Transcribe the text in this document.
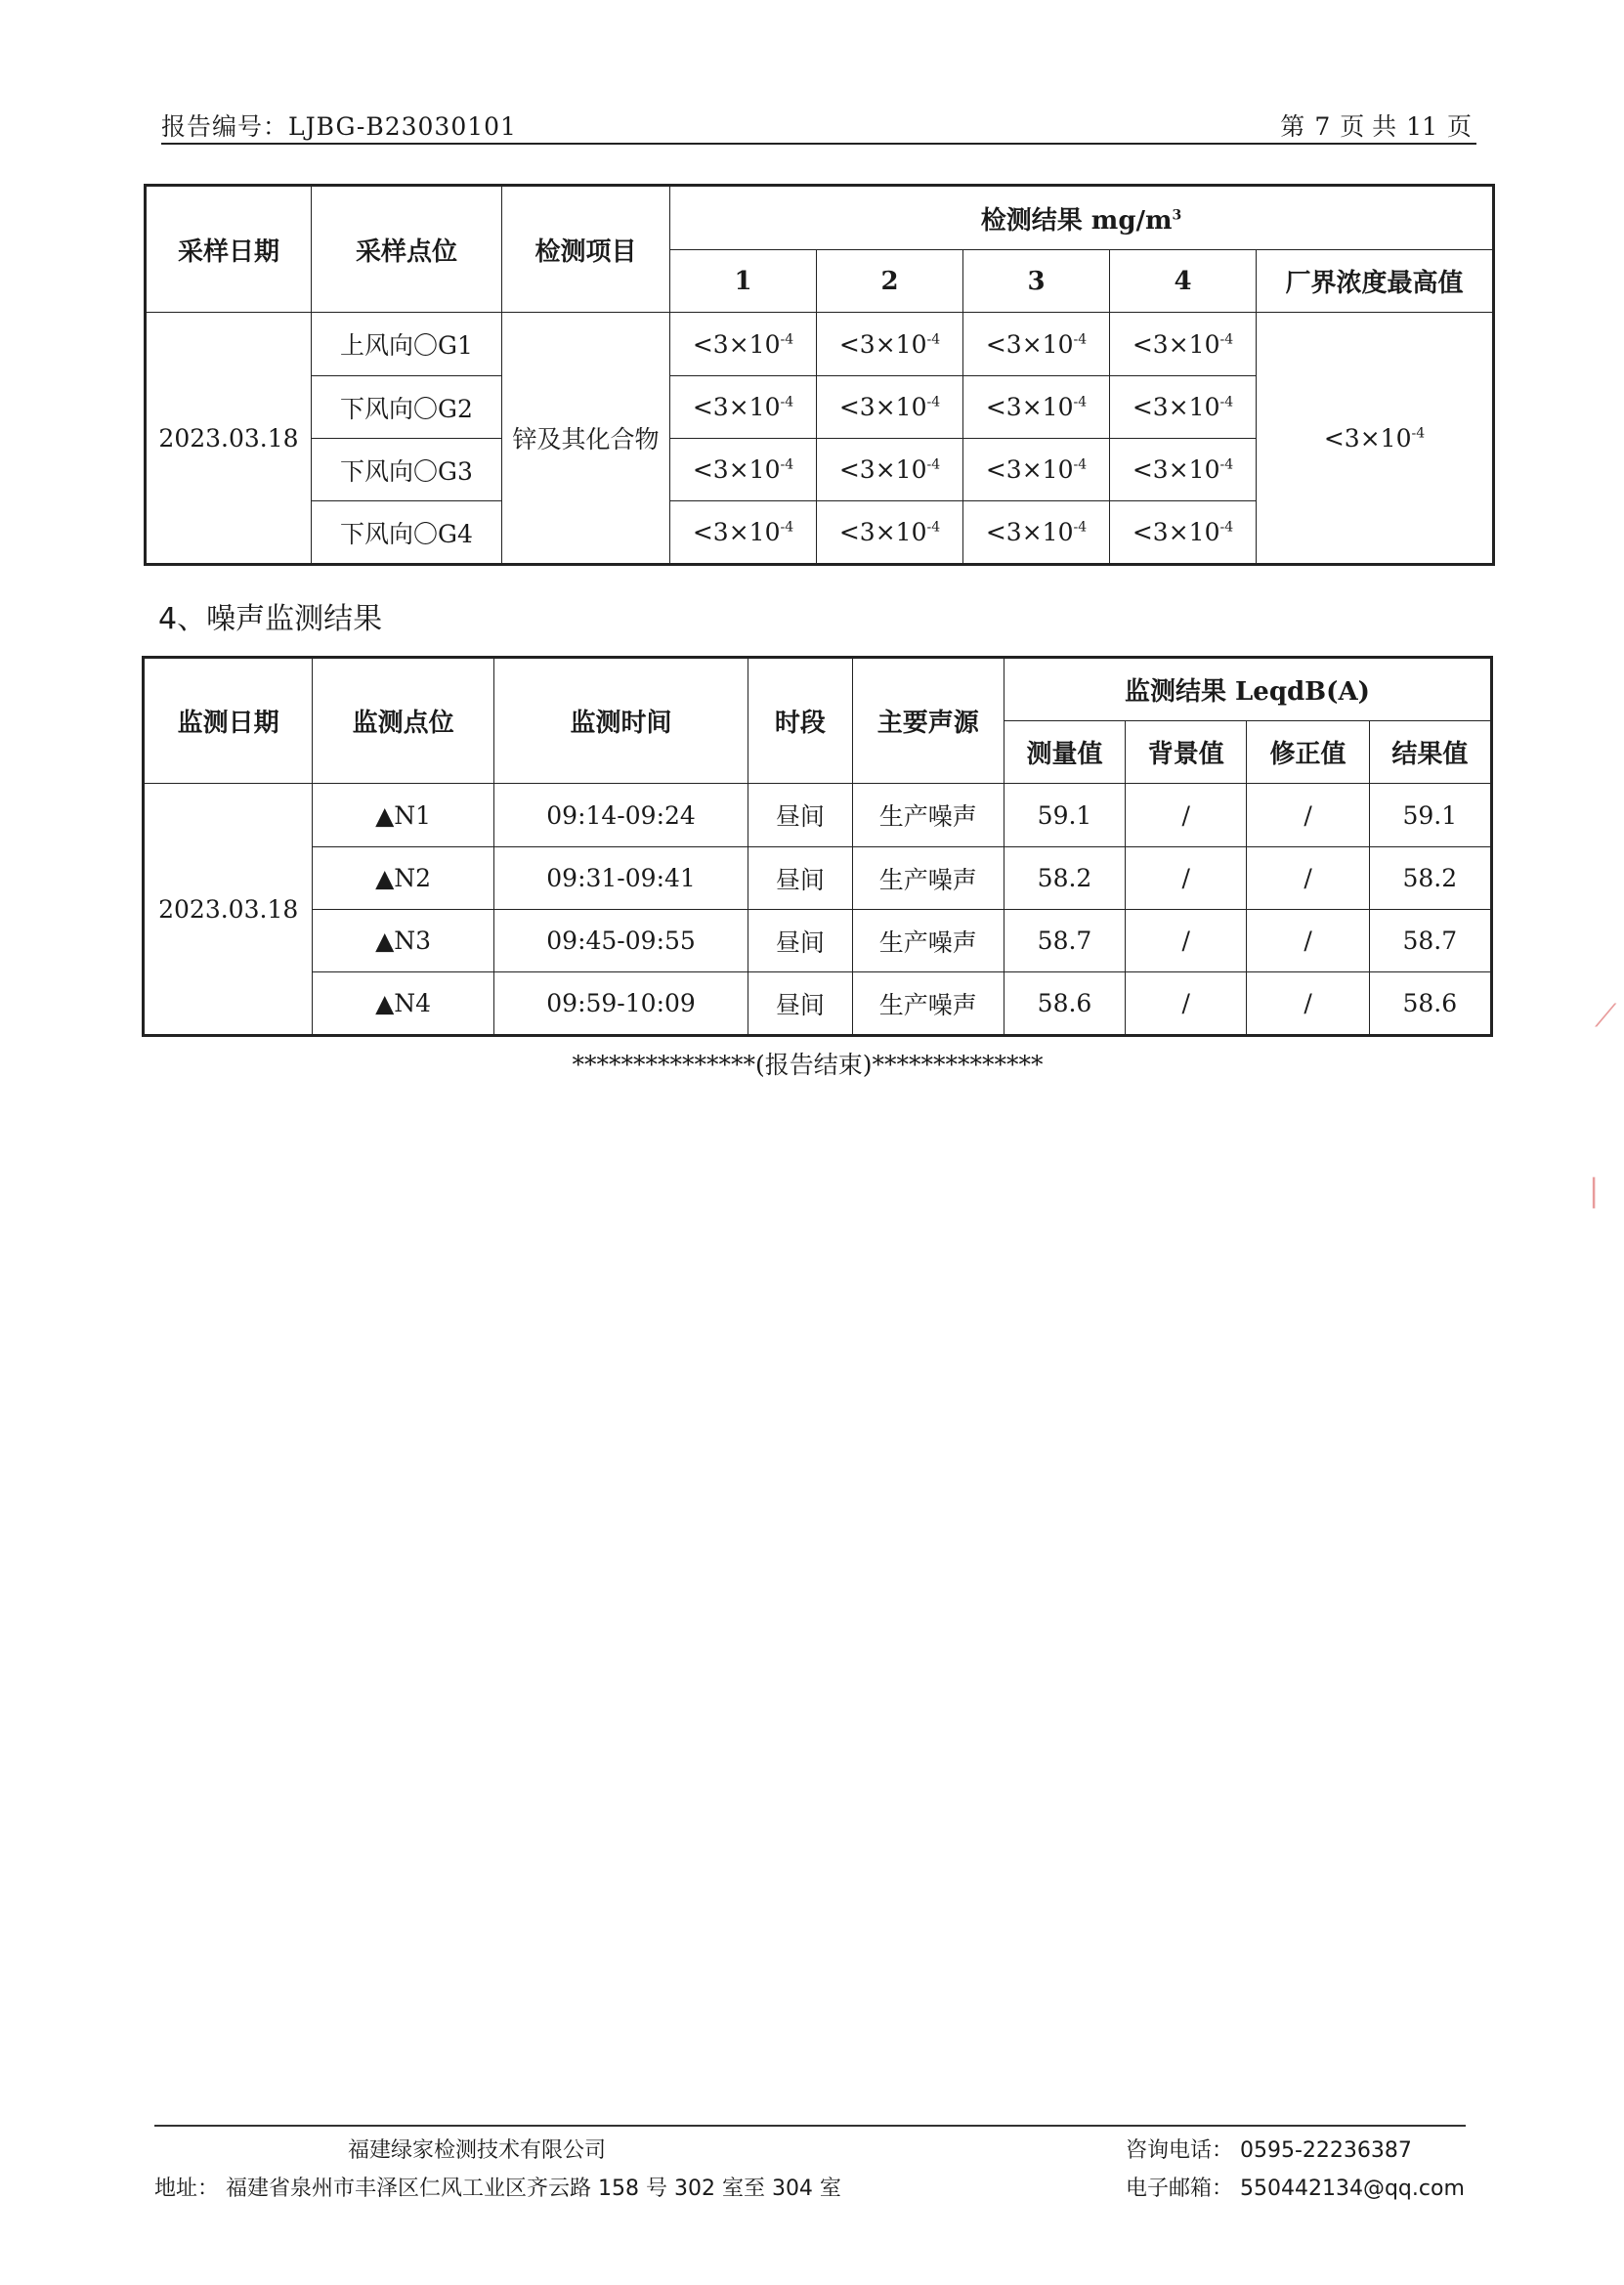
报告编号：LJBG-B23030101	第 7 页 共 11 页
采样日期	采样点位	检测项目	检测结果 $mg/m^3$
			1	2	3	4	厂界浓度最高值
2023.03.18	上风向〇G1	锌及其化合物	$<3\times 10^{-4}$	$<3\times 10^{-4}$	$<3\times 10^{-4}$	$<3\times 10^{-4}$	$<3\times 10^{-4}$
	下风向〇G2		$<3\times 10^{-4}$	$<3\times 10^{-4}$	$<3\times 10^{-4}$	$<3\times 10^{-4}$
	下风向〇G3		$<3\times 10^{-4}$	$<3\times 10^{-4}$	$<3\times 10^{-4}$	$<3\times 10^{-4}$
	下风向〇G4		$<3\times 10^{-4}$	$<3\times 10^{-4}$	$<3\times 10^{-4}$	$<3\times 10^{-4}$
4、噪声监测结果
监测日期	监测点位	监测时间	时段	主要声源	监测结果 LeqdB(A)			
					测量值	背景值	修正值	结果值
2023.03.18	▲N1	09:14-09:24	昼间	生产噪声	59.1	/	/	59.1
	▲N2	09:31-09:41	昼间	生产噪声	58.2	/	/	58.2
	▲N3	09:45-09:55	昼间	生产噪声	58.7	/	/	58.7
	▲N4	09:59-10:09	昼间	生产噪声	58.6	/	/	58.6
***************(报告结束)**************
⟋
⎸
福建绿家检测技术有限公司	咨询电话： 0595-22236387
地址： 福建省泉州市丰泽区仁风工业区齐云路 158 号 302 室至 304 室	电子邮箱： 550442134@qq.com
